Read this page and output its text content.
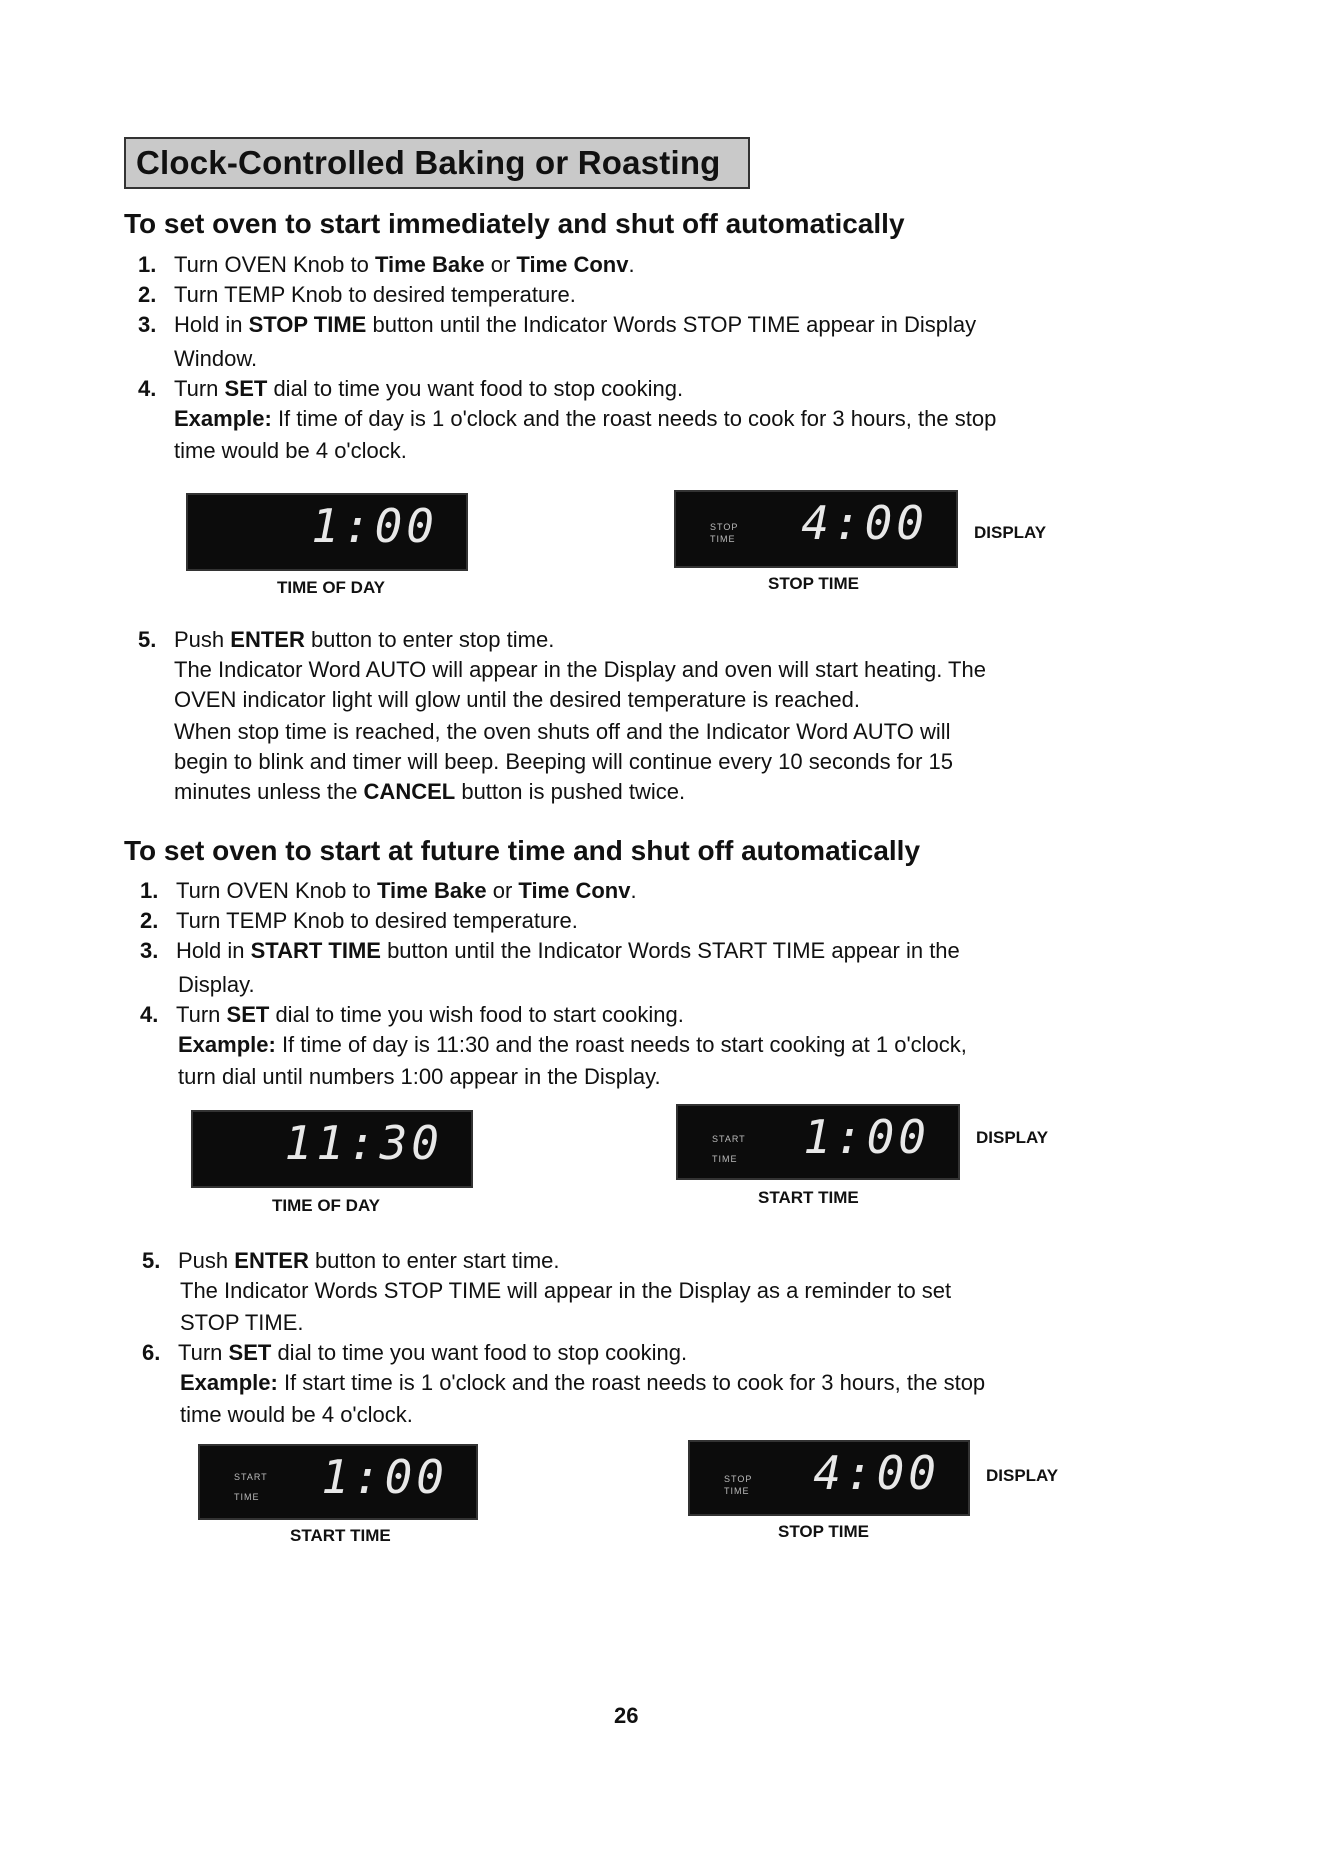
Clock-Controlled Baking or Roasting
To set oven to start immediately and shut off automatically
1. Turn OVEN Knob to Time Bake or Time Conv.
2. Turn TEMP Knob to desired temperature.
3. Hold in STOP TIME button until the Indicator Words STOP TIME appear in Display
Window.
4. Turn SET dial to time you want food to stop cooking.
Example: If time of day is 1 o'clock and the roast needs to cook for 3 hours, the stop
time would be 4 o'clock.
1:00
TIME OF DAY
STOP
TIME 4:00
STOP TIME
DISPLAY
5. Push ENTER button to enter stop time.
The Indicator Word AUTO will appear in the Display and oven will start heating. The
OVEN indicator light will glow until the desired temperature is reached.
When stop time is reached, the oven shuts off and the Indicator Word AUTO will
begin to blink and timer will beep. Beeping will continue every 10 seconds for 15
minutes unless the CANCEL button is pushed twice.
To set oven to start at future time and shut off automatically
1. Turn OVEN Knob to Time Bake or Time Conv.
2. Turn TEMP Knob to desired temperature.
3. Hold in START TIME button until the Indicator Words START TIME appear in the
Display.
4. Turn SET dial to time you wish food to start cooking.
Example: If time of day is 11:30 and the roast needs to start cooking at 1 o'clock,
turn dial until numbers 1:00 appear in the Display.
11:30
TIME OF DAY
START
TIME 1:00
START TIME
DISPLAY
5. Push ENTER button to enter start time.
The Indicator Words STOP TIME will appear in the Display as a reminder to set
STOP TIME.
6. Turn SET dial to time you want food to stop cooking.
Example: If start time is 1 o'clock and the roast needs to cook for 3 hours, the stop
time would be 4 o'clock.
START
TIME 1:00
START TIME
STOP
TIME 4:00
STOP TIME
DISPLAY
26
